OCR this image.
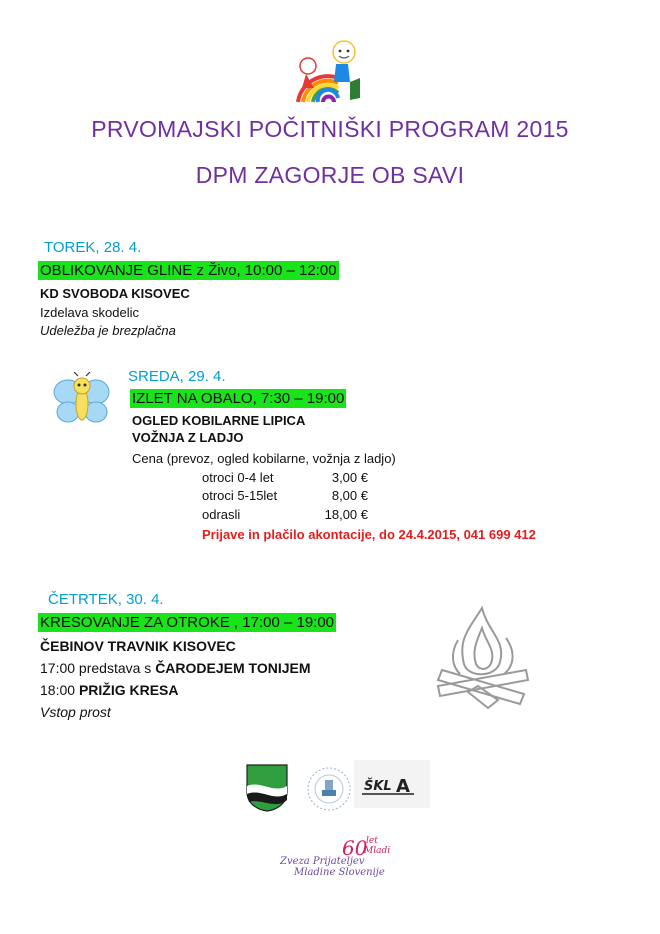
PRVOMAJSKI POČITNIŠKI PROGRAM 2015
DPM ZAGORJE OB SAVI
TOREK, 28. 4.
OBLIKOVANJE GLINE z Živo, 10:00 – 12:00
KD SVOBODA KISOVEC
Izdelava skodelic
Udeležba je brezplačna
SREDA, 29. 4.
IZLET NA OBALO, 7:30 – 19:00
OGLED KOBILARNE LIPICA
VOŽNJA Z LADJO
Cena (prevoz, ogled kobilarne, vožnja z ladjo)
otroci 0-4 let	3,00 €
otroci 5-15let	8,00 €
odrasli	18,00 €
Prijave in plačilo akontacije, do 24.4.2015, 041 699 412
ČETRTEK, 30. 4.
KRESOVANJE ZA OTROKE , 17:00 – 19:00
ČEBINOV TRAVNIK KISOVEC
17:00 predstava s ČARODEJEM TONIJEM
18:00 PRIŽIG KRESA
Vstop prost
ŠKL A
60
let
Mladi
Zveza Prijateljev
Mladine Slovenije
